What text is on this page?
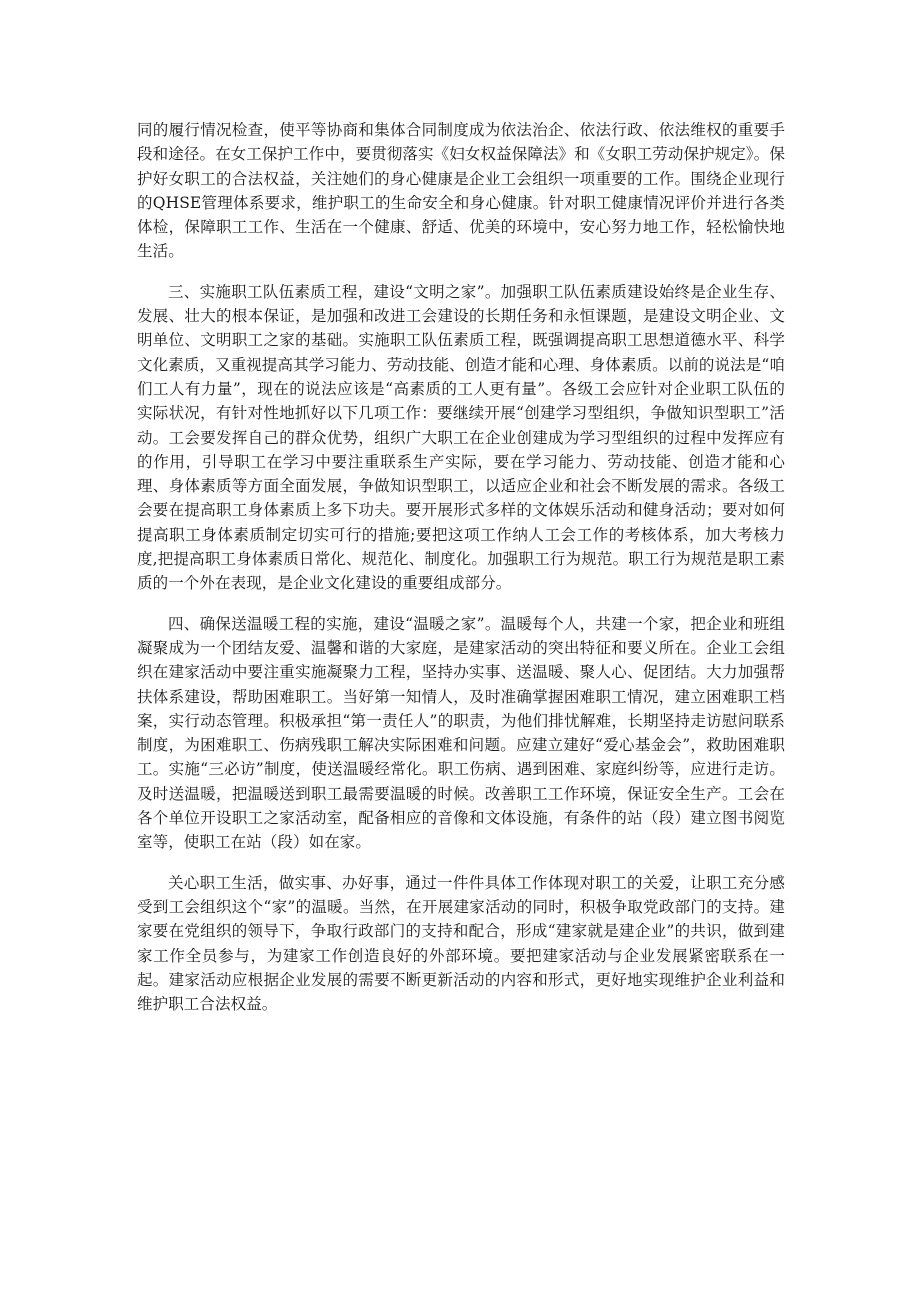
同的履行情况检查，使平等协商和集体合同制度成为依法治企、依法行政、依法维权的重要手段和途径。在女工保护工作中，要贯彻落实《妇女权益保障法》和《女职工劳动保护规定》。保护好女职工的合法权益，关注她们的身心健康是企业工会组织一项重要的工作。围绕企业现行的QHSE管理体系要求，维护职工的生命安全和身心健康。针对职工健康情况评价并进行各类体检，保障职工工作、生活在一个健康、舒适、优美的环境中，安心努力地工作，轻松愉快地生活。

三、实施职工队伍素质工程，建设“文明之家”。加强职工队伍素质建设始终是企业生存、发展、壮大的根本保证，是加强和改进工会建设的长期任务和永恒课题，是建设文明企业、文明单位、文明职工之家的基础。实施职工队伍素质工程，既强调提高职工思想道德水平、科学文化素质，又重视提高其学习能力、劳动技能、创造才能和心理、身体素质。以前的说法是“咱们工人有力量”，现在的说法应该是“高素质的工人更有量”。各级工会应针对企业职工队伍的实际状况，有针对性地抓好以下几项工作：要继续开展“创建学习型组织，争做知识型职工”活动。工会要发挥自己的群众优势，组织广大职工在企业创建成为学习型组织的过程中发挥应有的作用，引导职工在学习中要注重联系生产实际，要在学习能力、劳动技能、创造才能和心理、身体素质等方面全面发展，争做知识型职工，以适应企业和社会不断发展的需求。各级工会要在提高职工身体素质上多下功夫。要开展形式多样的文体娱乐活动和健身活动；要对如何提高职工身体素质制定切实可行的措施;要把这项工作纳人工会工作的考核体系，加大考核力度,把提高职工身体素质日常化、规范化、制度化。加强职工行为规范。职工行为规范是职工素质的一个外在表现，是企业文化建设的重要组成部分。

四、确保送温暖工程的实施，建设“温暖之家”。温暖每个人，共建一个家，把企业和班组凝聚成为一个团结友爱、温馨和谐的大家庭，是建家活动的突出特征和要义所在。企业工会组织在建家活动中要注重实施凝聚力工程，坚持办实事、送温暖、聚人心、促团结。大力加强帮扶体系建设，帮助困难职工。当好第一知情人，及时准确掌握困难职工情况，建立困难职工档案，实行动态管理。积极承担“第一责任人”的职责，为他们排忧解难，长期坚持走访慰问联系制度，为困难职工、伤病残职工解决实际困难和问题。应建立建好“爱心基金会”，救助困难职工。实施“三必访”制度，使送温暖经常化。职工伤病、遇到困难、家庭纠纷等，应进行走访。及时送温暖，把温暖送到职工最需要温暖的时候。改善职工工作环境，保证安全生产。工会在各个单位开设职工之家活动室，配备相应的音像和文体设施，有条件的站（段）建立图书阅览室等，使职工在站（段）如在家。

关心职工生活，做实事、办好事，通过一件件具体工作体现对职工的关爱，让职工充分感受到工会组织这个“家”的温暖。当然，在开展建家活动的同时，积极争取党政部门的支持。建家要在党组织的领导下，争取行政部门的支持和配合，形成“建家就是建企业”的共识，做到建家工作全员参与，为建家工作创造良好的外部环境。要把建家活动与企业发展紧密联系在一起。建家活动应根据企业发展的需要不断更新活动的内容和形式，更好地实现维护企业利益和维护职工合法权益。
